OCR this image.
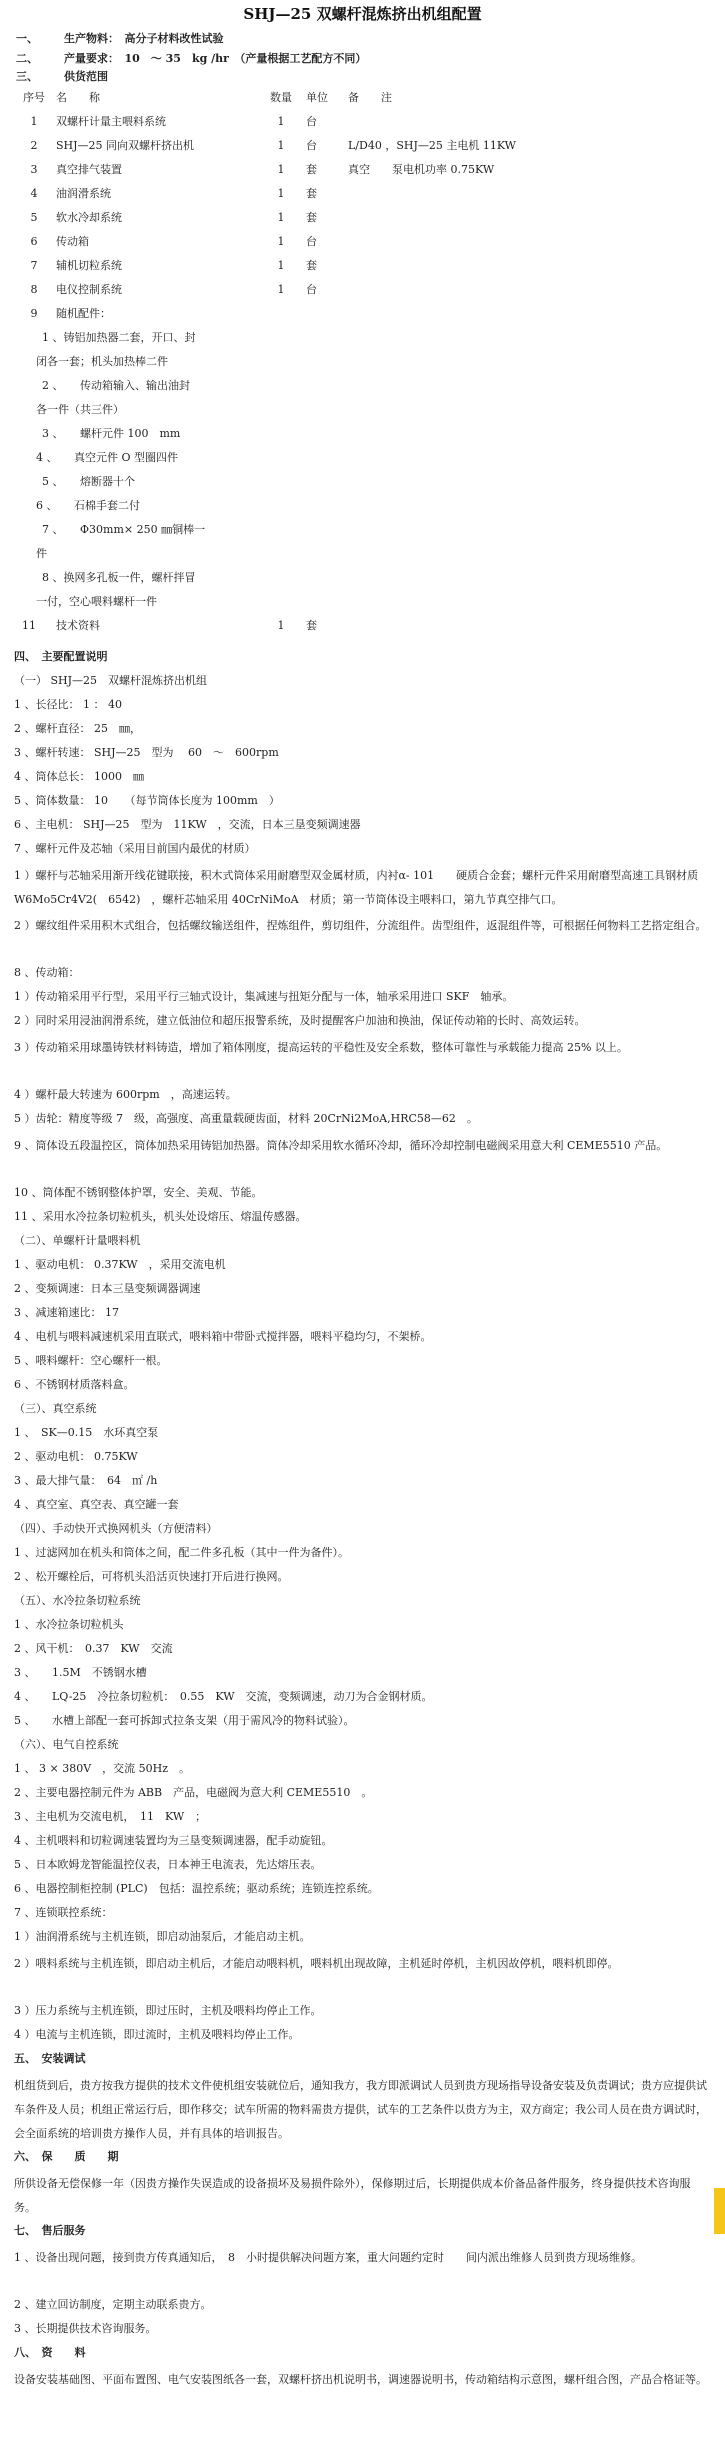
SHJ—25 双螺杆混炼挤出机组配置
一、 生产物料：　高分子材料改性试验
二、 产量要求：　10　～ 35　kg /hr　（产量根据工艺配方不同）
三、 供货范围
序号	名　　称	数量	单位	备　　注
1	双螺杆计量主喂料系统	1	台
2	SHJ—25 同向双螺杆挤出机	1	台	L/D40 ，SHJ—25 主电机 11KW
3	真空排气装置	1	套	真空　　泵电机功率 0.75KW
4	油润滑系统	1	套
5	软水冷却系统	1	套
6	传动箱	1	台
7	辅机切粒系统	1	套
8	电仪控制系统	1	台
9	随机配件：
1 、铸铝加热器二套，开口、封
闭各一套；机头加热棒二件
2 、　　传动箱输入、输出油封
各一件（共三件）
3 、　　螺杆元件 100　mm
4 、　　真空元件 O 型圈四件
5 、　　熔断器十个
6 、　　石棉手套二付
7 、　　Φ30mm× 250 ㎜铜棒一
件
8 、换网多孔板一件，螺杆拌冒
一付，空心喂料螺杆一件
11	技术资料	1	套
四、　主要配置说明
（一） SHJ—25　双螺杆混炼挤出机组
1 、长径比： 1 ： 40
2 、螺杆直径： 25　㎜，
3 、螺杆转速： SHJ—25　型为　 60　～　600rpm
4 、筒体总长： 1000　㎜
5 、筒体数量： 10　　（每节筒体长度为 100mm　）
6 、主电机： SHJ—25　型为　11KW　，交流，日本三垦变频调速器
7 、螺杆元件及芯轴（采用目前国内最优的材质）
1 ）螺杆与芯轴采用渐开线花键联接，积木式筒体采用耐磨型双金属材质，内衬α- 101　　硬质合金套；螺杆元件采用耐磨型高速工具钢材质 W6Mo5Cr4V2(　6542)　，螺杆芯轴采用 40CrNiMoA　材质；第一节筒体设主喂料口，第九节真空排气口。
2 ）螺纹组件采用积木式组合，包括螺纹输送组件，捏炼组件，剪切组件，分流组件。齿型组件，返混组件等，可根据任何物料工艺搭定组合。
8 、传动箱：
1 ）传动箱采用平行型，采用平行三轴式设计，集减速与扭矩分配与一体，轴承采用进口 SKF　轴承。
2 ）同时采用浸油润滑系统，建立低油位和超压报警系统，及时提醒客户加油和换油，保证传动箱的长时、高效运转。
3 ）传动箱采用球墨铸铁材料铸造，增加了箱体刚度，提高运转的平稳性及安全系数，整体可靠性与承载能力提高 25% 以上。
4 ）螺杆最大转速为 600rpm　，高速运转。
5 ）齿轮：精度等级 7　级，高强度、高重量载硬齿面，材料 20CrNi2MoA,HRC58—62　。
9 、筒体设五段温控区，筒体加热采用铸铝加热器。筒体冷却采用软水循环冷却，循环冷却控制电磁阀采用意大利 CEME5510 产品。
10 、筒体配不锈钢整体护罩，安全、美观、节能。
11 、采用水冷拉条切粒机头，机头处设熔压、熔温传感器。
（二）、单螺杆计量喂料机
1 、驱动电机： 0.37KW　，采用交流电机
2 、变频调速：日本三垦变频调器调速
3 、减速箱速比： 17
4 、电机与喂料减速机采用直联式，喂料箱中带卧式搅拌器，喂料平稳均匀，不架桥。
5 、喂料螺杆：空心螺杆一根。
6 、不锈钢材质落料盒。
（三）、真空系统
1 、　SK—0.15　水环真空泵
2 、驱动电机： 0.75KW
3 、最大排气量：　64　㎡ /h
4 、真空室、真空表、真空罐一套
（四）、手动快开式换网机头（方便清料）
1 、过滤网加在机头和筒体之间，配二件多孔板（其中一件为备件）。
2 、松开螺栓后，可将机头沿活页快速打开后进行换网。
（五）、水冷拉条切粒系统
1 、水冷拉条切粒机头
2 、风干机：　0.37　KW　交流
3 、　　1.5M　不锈钢水槽
4 、　　LQ-25　冷拉条切粒机：　0.55　KW　交流，变频调速，动刀为合金钢材质。
5 、　　水槽上部配一套可拆卸式拉条支架（用于需风冷的物料试验）。
（六）、电气自控系统
1 、 3 × 380V　，交流 50Hz　。
2 、主要电器控制元件为 ABB　产品，电磁阀为意大利 CEME5510　。
3 、主电机为交流电机，　11　KW　；
4 、主机喂料和切粒调速装置均为三垦变频调速器，配手动旋钮。
5 、日本欧姆龙智能温控仪表，日本神王电流表，先达熔压表。
6 、电器控制柜控制 (PLC)　包括：温控系统；驱动系统；连锁连控系统。
7 、连锁联控系统：
1 ）油润滑系统与主机连锁，即启动油泵后，才能启动主机。
2 ）喂料系统与主机连锁，即启动主机后，才能启动喂料机，喂料机出现故障，主机延时停机，主机因故停机，喂料机即停。
3 ）压力系统与主机连锁，即过压时，主机及喂料均停止工作。
4 ）电流与主机连锁，即过流时，主机及喂料均停止工作。
五、　安装调试
机组货到后，贵方按我方提供的技术文件使机组安装就位后，通知我方，我方即派调试人员到贵方现场指导设备安装及负责调试；贵方应提供试车条件及人员；机组正常运行后，即作移交；试车所需的物料需贵方提供，试车的工艺条件以贵方为主，双方商定；我公司人员在贵方调试时，会全面系统的培训贵方操作人员，并有具体的培训报告。
六、　保　　质　　期
所供设备无偿保修一年（因贵方操作失误造成的设备损坏及易损件除外），保修期过后，长期提供成本价备品备件服务，终身提供技术咨询服务。
七、　售后服务
1 、设备出现问题，接到贵方传真通知后，　8　小时提供解决问题方案，重大问题约定时　　间内派出维修人员到贵方现场维修。
2 、建立回访制度，定期主动联系贵方。
3 、长期提供技术咨询服务。
八、　资　　料
设备安装基础图、平面布置图、电气安装图纸各一套，双螺杆挤出机说明书，调速器说明书，传动箱结构示意图，螺杆组合图，产品合格证等。
